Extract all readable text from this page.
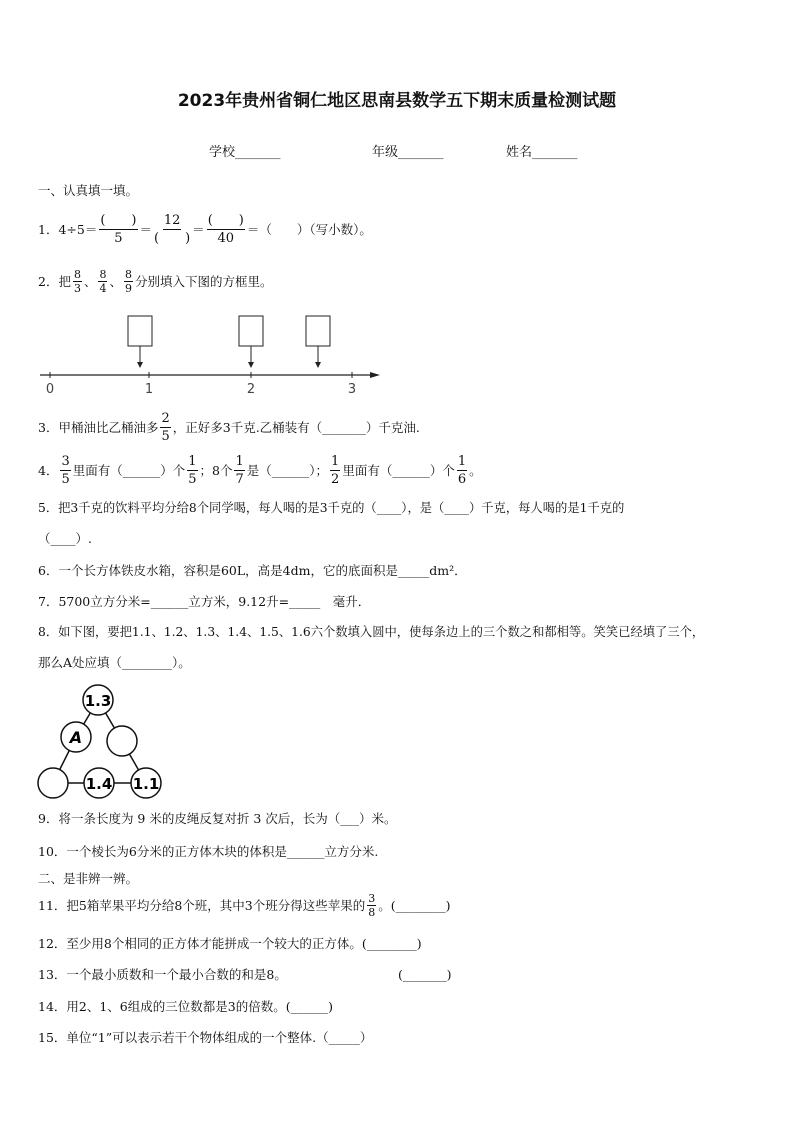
2023年贵州省铜仁地区思南县数学五下期末质量检测试题
学校_______	年级_______	姓名_______
一、认真填一填。
1．$4\div 5= \frac{( )}{5} = \frac{12}{( )} = \frac{( )}{40}$ ＝（　　）（写小数）。
2．把 $\frac{8}{3}$ 、 $\frac{8}{4}$ 、 $\frac{8}{9}$ 分别填入下图的方框里。
0	1	2	3
3．甲桶油比乙桶油多 $\frac{2}{5}$ ，正好多3千克.乙桶装有（_______）千克油.
4． $\frac{3}{5}$ 里面有（______）个 $\frac{1}{5}$ ；8个 $\frac{1}{7}$ 是（______）； $\frac{1}{2}$ 里面有（______）个 $\frac{1}{6}$ 。
5．把3千克的饮料平均分给8个同学喝，每人喝的是3千克的（____），是（____）千克，每人喝的是1千克的
（____）.
6．一个长方体铁皮水箱，容积是60L，高是4dm，它的底面积是_____dm²．
7．5700立方分米=______立方米，9.12升=_____　毫升．
8．如下图，要把1.1、1.2、1.3、1.4、1.5、1.6六个数填入圆中，使每条边上的三个数之和都相等。笑笑已经填了三个，
那么A处应填（________）。
1.3
A
1.4 1.1
9．将一条长度为 9 米的皮绳反复对折 3 次后，长为（___）米。
10．一个棱长为6分米的正方体木块的体积是______立方分米.
二、是非辨一辨。
11．把5箱苹果平均分给8个班，其中3个班分得这些苹果的 $\frac{3}{8}$ 。(________)
12．至少用8个相同的正方体才能拼成一个较大的正方体。(________)
13．一个最小质数和一个最小合数的和是8。	(_______)
14．用2、1、6组成的三位数都是3的倍数。(______)
15．单位“1”可以表示若干个物体组成的一个整体.（_____）
